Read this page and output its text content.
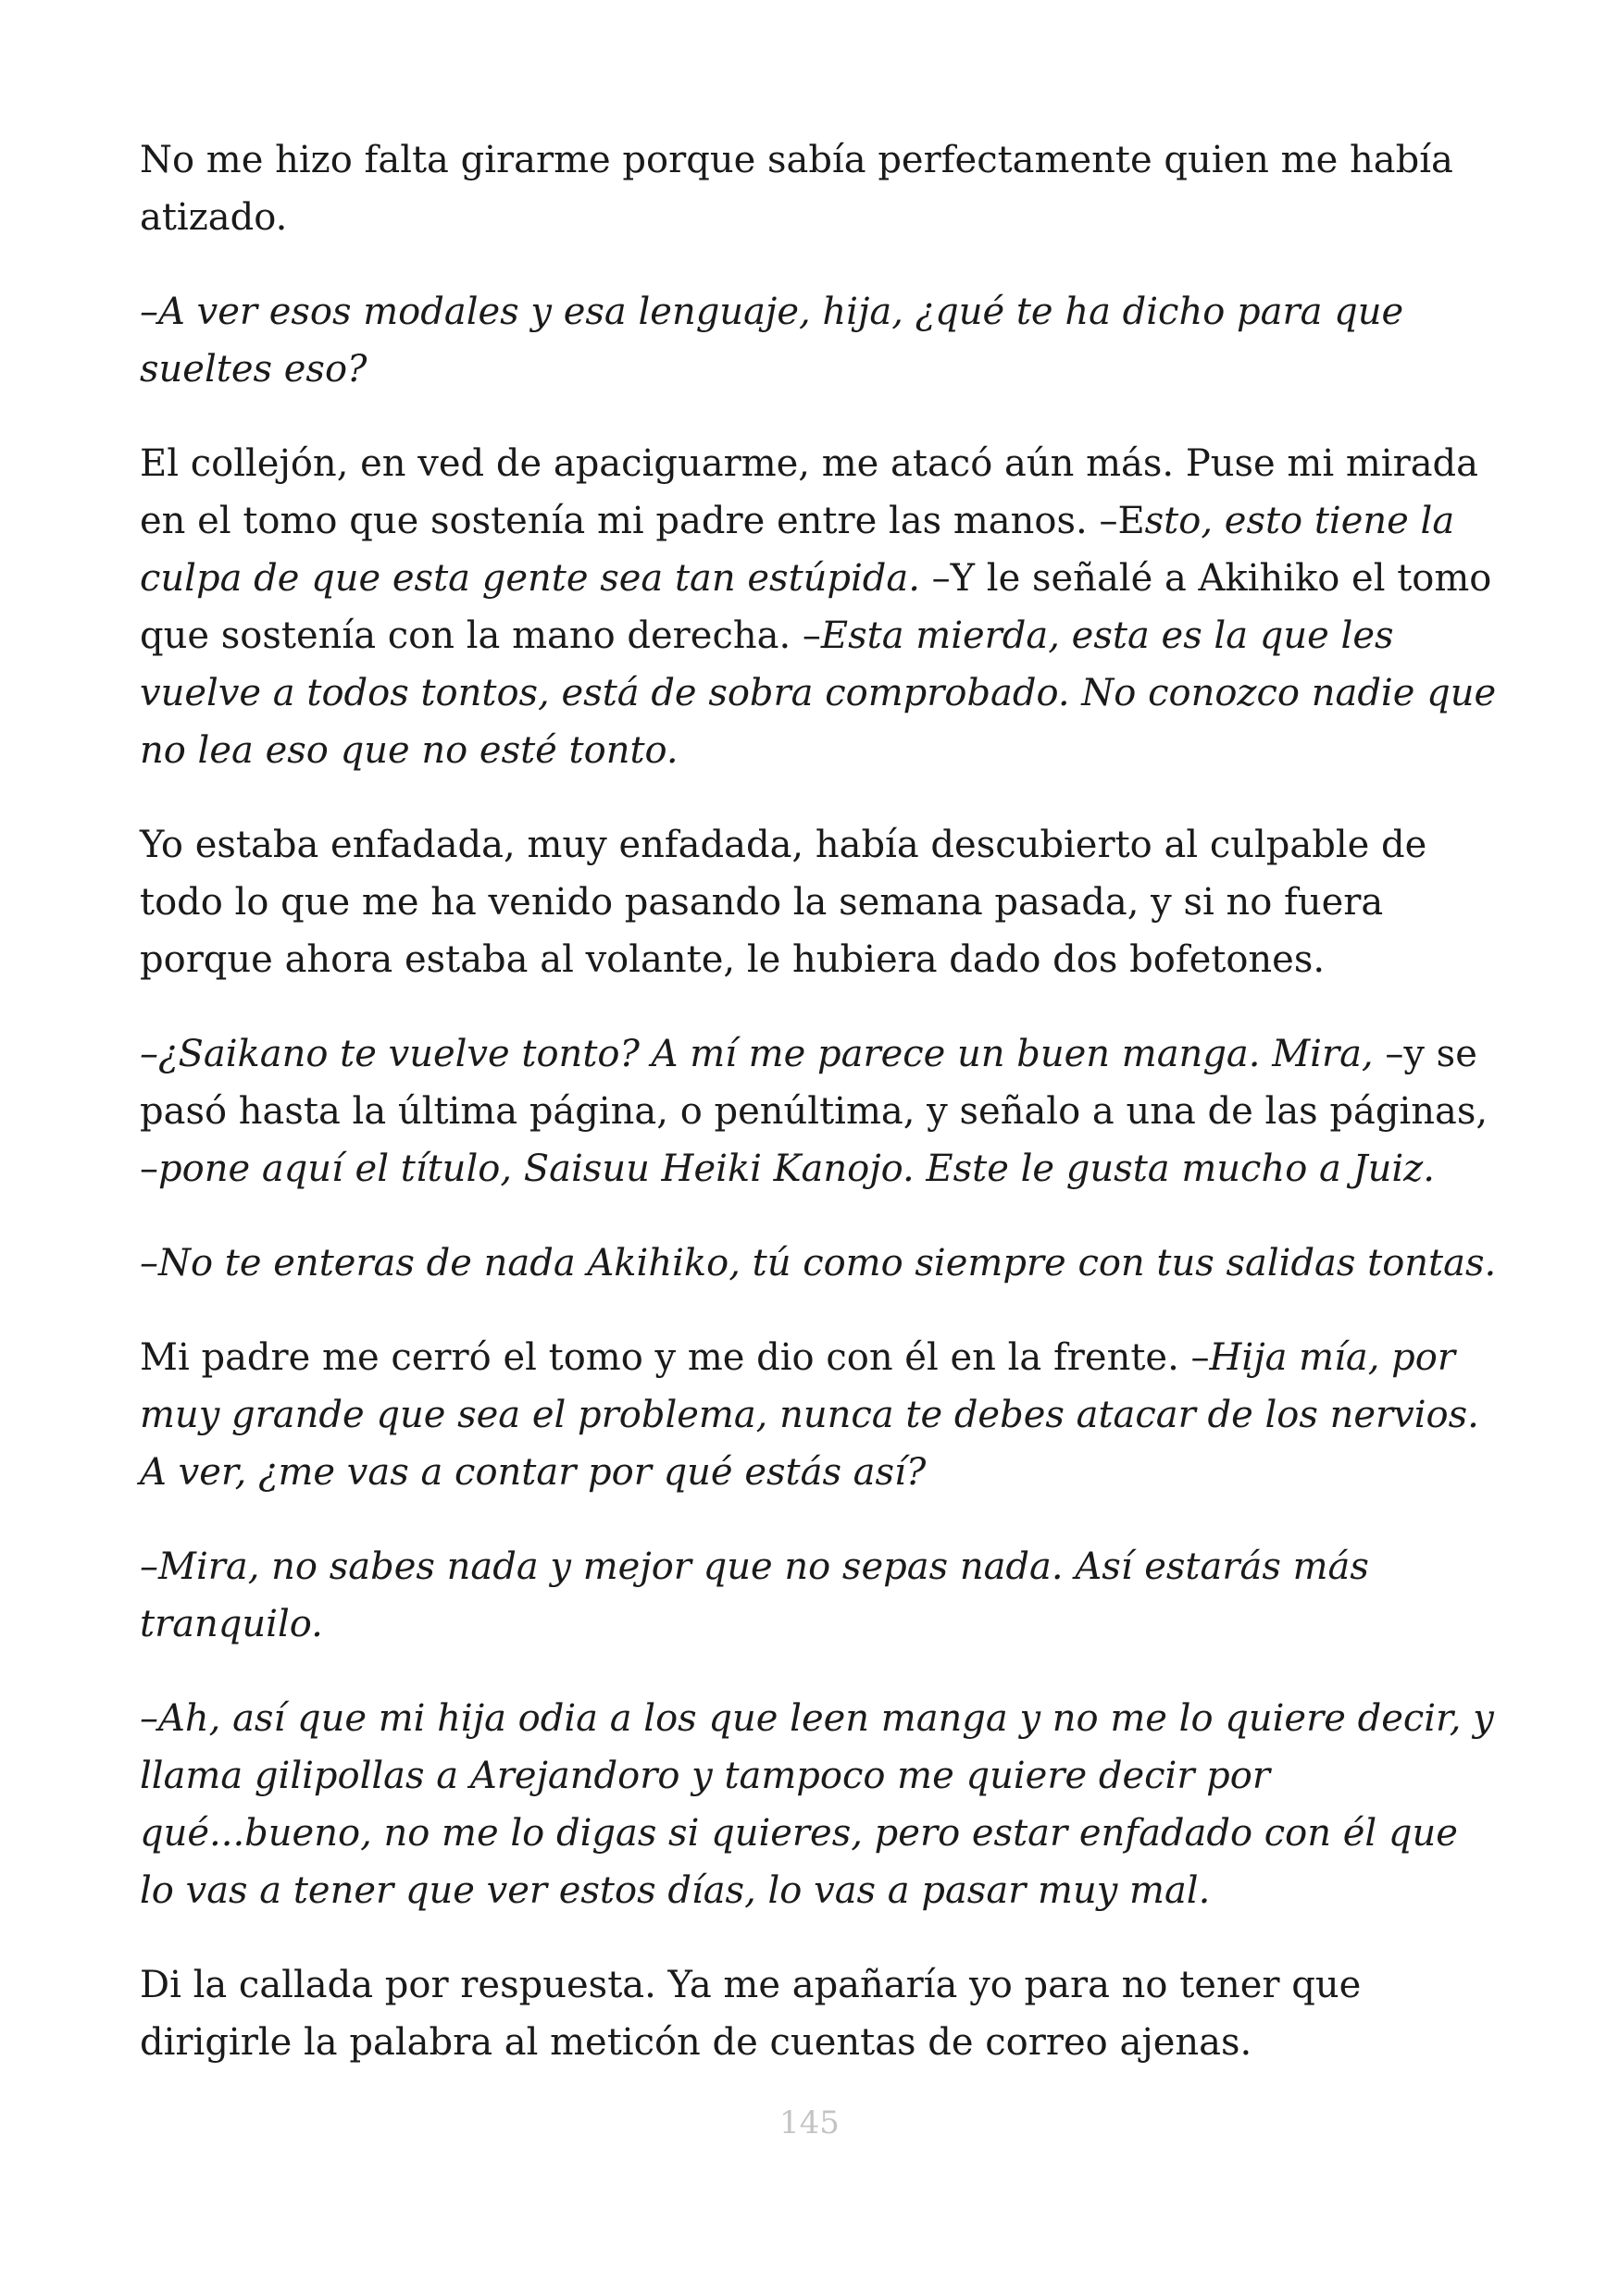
No me hizo falta girarme porque sabía perfectamente quien me había atizado.

–A ver esos modales y esa lenguaje, hija, ¿qué te ha dicho para que sueltes eso?

El collejón, en ved de apaciguarme, me atacó aún más. Puse mi mirada en el tomo que sostenía mi padre entre las manos. –Esto, esto tiene la culpa de que esta gente sea tan estúpida. –Y le señalé a Akihiko el tomo que sostenía con la mano derecha. –Esta mierda, esta es la que les vuelve a todos tontos, está de sobra comprobado. No conozco nadie que no lea eso que no esté tonto.

Yo estaba enfadada, muy enfadada, había descubierto al culpable de todo lo que me ha venido pasando la semana pasada, y si no fuera porque ahora estaba al volante, le hubiera dado dos bofetones.

–¿Saikano te vuelve tonto? A mí me parece un buen manga. Mira, –y se pasó hasta la última página, o penúltima, y señalo a una de las páginas, –pone aquí el título, Saisuu Heiki Kanojo. Este le gusta mucho a Juiz.

–No te enteras de nada Akihiko, tú como siempre con tus salidas tontas.

Mi padre me cerró el tomo y me dio con él en la frente. –Hija mía, por muy grande que sea el problema, nunca te debes atacar de los nervios. A ver, ¿me vas a contar por qué estás así?

–Mira, no sabes nada y mejor que no sepas nada. Así estarás más tranquilo.

–Ah, así que mi hija odia a los que leen manga y no me lo quiere decir, y llama gilipollas a Arejandoro y tampoco me quiere decir por qué...bueno, no me lo digas si quieres, pero estar enfadado con él que lo vas a tener que ver estos días, lo vas a pasar muy mal.

Di la callada por respuesta. Ya me apañaría yo para no tener que dirigirle la palabra al meticón de cuentas de correo ajenas.

145
